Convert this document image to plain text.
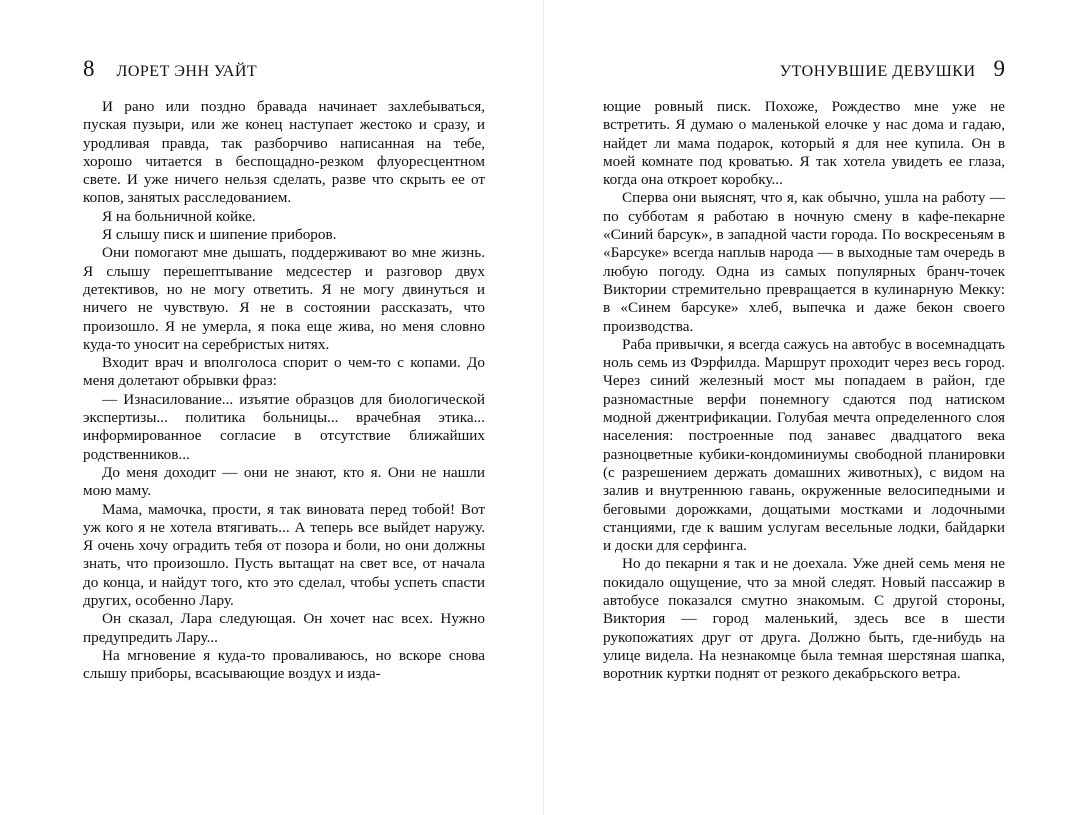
8 ЛОРЕТ ЭНН УАЙТ

И рано или поздно бравада начинает захлебываться, пуская пузыри, или же конец наступает жестоко и сразу, и уродливая правда, так разборчиво написанная на тебе, хорошо читается в беспощадно-резком флуоресцентном свете. И уже ничего нельзя сделать, разве что скрыть ее от копов, занятых расследованием.

Я на больничной койке.

Я слышу писк и шипение приборов.

Они помогают мне дышать, поддерживают во мне жизнь. Я слышу перешептывание медсестер и разговор двух детективов, но не могу ответить. Я не могу двинуться и ничего не чувствую. Я не в состоянии рассказать, что произошло. Я не умерла, я пока еще жива, но меня словно куда-то уносит на серебристых нитях.

Входит врач и вполголоса спорит о чем-то с копами. До меня долетают обрывки фраз:

— Изнасилование... изъятие образцов для биологической экспертизы... политика больницы... врачебная этика... информированное согласие в отсутствие ближайших родственников...

До меня доходит — они не знают, кто я. Они не нашли мою маму.

Мама, мамочка, прости, я так виновата перед тобой! Вот уж кого я не хотела втягивать... А теперь все выйдет наружу. Я очень хочу оградить тебя от позора и боли, но они должны знать, что произошло. Пусть вытащат на свет все, от начала до конца, и найдут того, кто это сделал, чтобы успеть спасти других, особенно Лару.

Он сказал, Лара следующая. Он хочет нас всех. Нужно предупредить Лару...

На мгновение я куда-то проваливаюсь, но вскоре снова слышу приборы, всасывающие воздух и изда-

УТОНУВШИЕ ДЕВУШКИ 9

ющие ровный писк. Похоже, Рождество мне уже не встретить. Я думаю о маленькой елочке у нас дома и гадаю, найдет ли мама подарок, который я для нее купила. Он в моей комнате под кроватью. Я так хотела увидеть ее глаза, когда она откроет коробку...

Сперва они выяснят, что я, как обычно, ушла на работу — по субботам я работаю в ночную смену в кафе-пекарне «Синий барсук», в западной части города. По воскресеньям в «Барсуке» всегда наплыв народа — в выходные там очередь в любую погоду. Одна из самых популярных бранч-точек Виктории стремительно превращается в кулинарную Мекку: в «Синем барсуке» хлеб, выпечка и даже бекон своего производства.

Раба привычки, я всегда сажусь на автобус в восемнадцать ноль семь из Фэрфилда. Маршрут проходит через весь город. Через синий железный мост мы попадаем в район, где разномастные верфи понемногу сдаются под натиском модной джентрификации. Голубая мечта определенного слоя населения: построенные под занавес двадцатого века разноцветные кубики-кондоминиумы свободной планировки (с разрешением держать домашних животных), с видом на залив и внутреннюю гавань, окруженные велосипедными и беговыми дорожками, дощатыми мостками и лодочными станциями, где к вашим услугам весельные лодки, байдарки и доски для серфинга.

Но до пекарни я так и не доехала. Уже дней семь меня не покидало ощущение, что за мной следят. Новый пассажир в автобусе показался смутно знакомым. С другой стороны, Виктория — город маленький, здесь все в шести рукопожатиях друг от друга. Должно быть, где-нибудь на улице видела. На незнакомце была темная шерстяная шапка, воротник куртки поднят от резкого декабрьского ветра.
